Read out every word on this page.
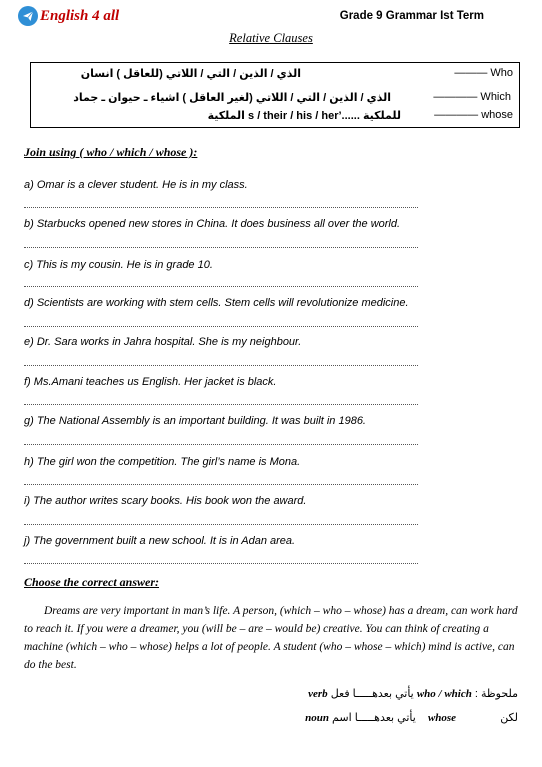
English 4 all	Grade 9 Grammar Ist Term
Relative Clauses
الذي / الذين / التي / اللاتي (للعاقل ) انسان	——— Who
الذي / الذين / التي / اللاتي (لغير العاقل ) اشياء ـ حيوان ـ جماد	———— Which
للملكية ......’s / their / his / her الملكية	———— whose
Join using ( who / which / whose ):
a) Omar is a clever student. He is in my class.
b) Starbucks opened new stores in China. It does business all over the world.
c) This is my cousin. He is in grade 10.
d) Scientists are working with stem cells. Stem cells will revolutionize medicine.
e) Dr. Sara works in Jahra hospital. She is my neighbour.
f) Ms.Amani teaches us English. Her jacket is black.
g) The National Assembly is an important building. It was built in 1986.
h) The girl won the competition. The girl’s name is Mona.
i) The author writes scary books. His book won the award.
j) The government built a new school. It is in Adan area.
Choose the correct answer:

Dreams are very important in man’s life. A person, (which – who – whose) has a dream, can work hard to reach it. If you were a dreamer, you (will be – are – would be) creative. You can think of creating a machine (which – who – whose) helps a lot of people. A student (who – whose – which) mind is active, can do the best.

ملحوظة : who / which يأتي بعدهـــــا فعل verb
لكن  whose  يأتي بعدهـــــا اسم noun
